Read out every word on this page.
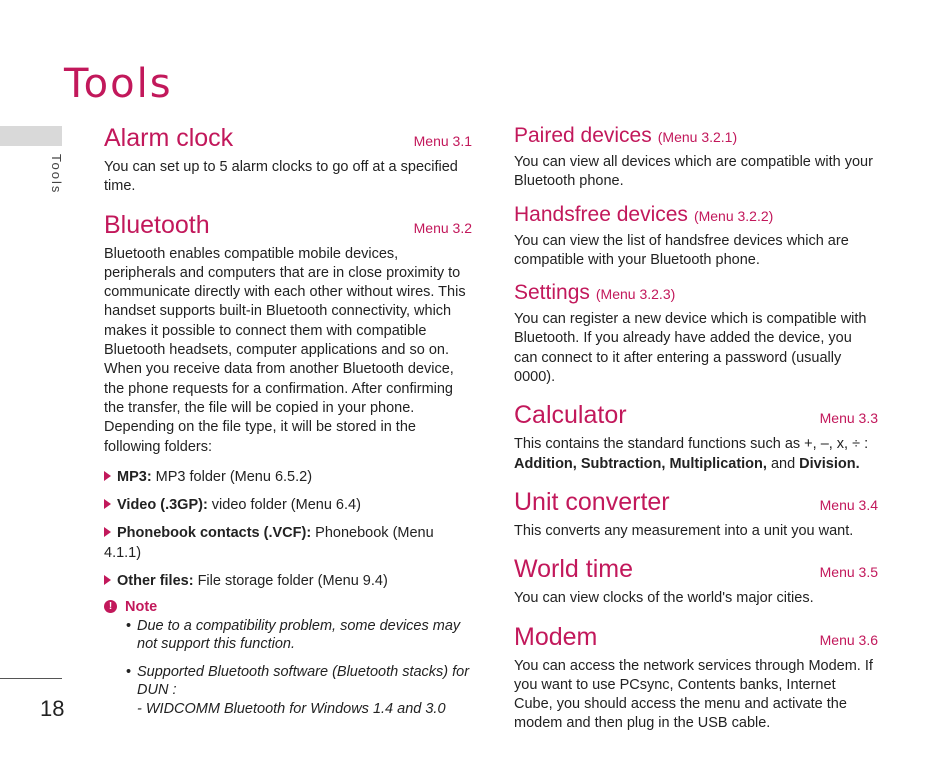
Tools
Tools
18
Alarm clock	Menu 3.1

You can set up to 5 alarm clocks to go off at a specified time.

Bluetooth	Menu 3.2

Bluetooth enables compatible mobile devices, peripherals and computers that are in close proximity to communicate directly with each other without wires. This handset supports built-in Bluetooth connectivity, which makes it possible to connect them with compatible Bluetooth headsets, computer applications and so on.

When you receive data from another Bluetooth device, the phone requests for a confirmation. After confirming the transfer, the file will be copied in your phone.

Depending on the file type, it will be stored in the following folders:

MP3: MP3 folder (Menu 6.5.2)
Video (.3GP): video folder (Menu 6.4)
Phonebook contacts (.VCF): Phonebook (Menu 4.1.1)
Other files: File storage folder (Menu 9.4)
! Note
• Due to a compatibility problem, some devices may not support this function.
• Supported Bluetooth software (Bluetooth stacks) for DUN :
- WIDCOMM Bluetooth for Windows 1.4 and 3.0
Paired devices (Menu 3.2.1)

You can view all devices which are compatible with your Bluetooth phone.

Handsfree devices (Menu 3.2.2)

You can view the list of handsfree devices which are compatible with your Bluetooth phone.

Settings (Menu 3.2.3)

You can register a new device which is compatible with Bluetooth. If you already have added the device, you can connect to it after entering a password (usually 0000).

Calculator	Menu 3.3

This contains the standard functions such as +, –, x, ÷ :
Addition, Subtraction, Multiplication, and Division.

Unit converter	Menu 3.4

This converts any measurement into a unit you want.

World time	Menu 3.5

You can view clocks of the world's major cities.

Modem	Menu 3.6

You can access the network services through Modem. If you want to use PCsync, Contents banks, Internet Cube, you should access the menu and activate the modem and then plug in the USB cable.
